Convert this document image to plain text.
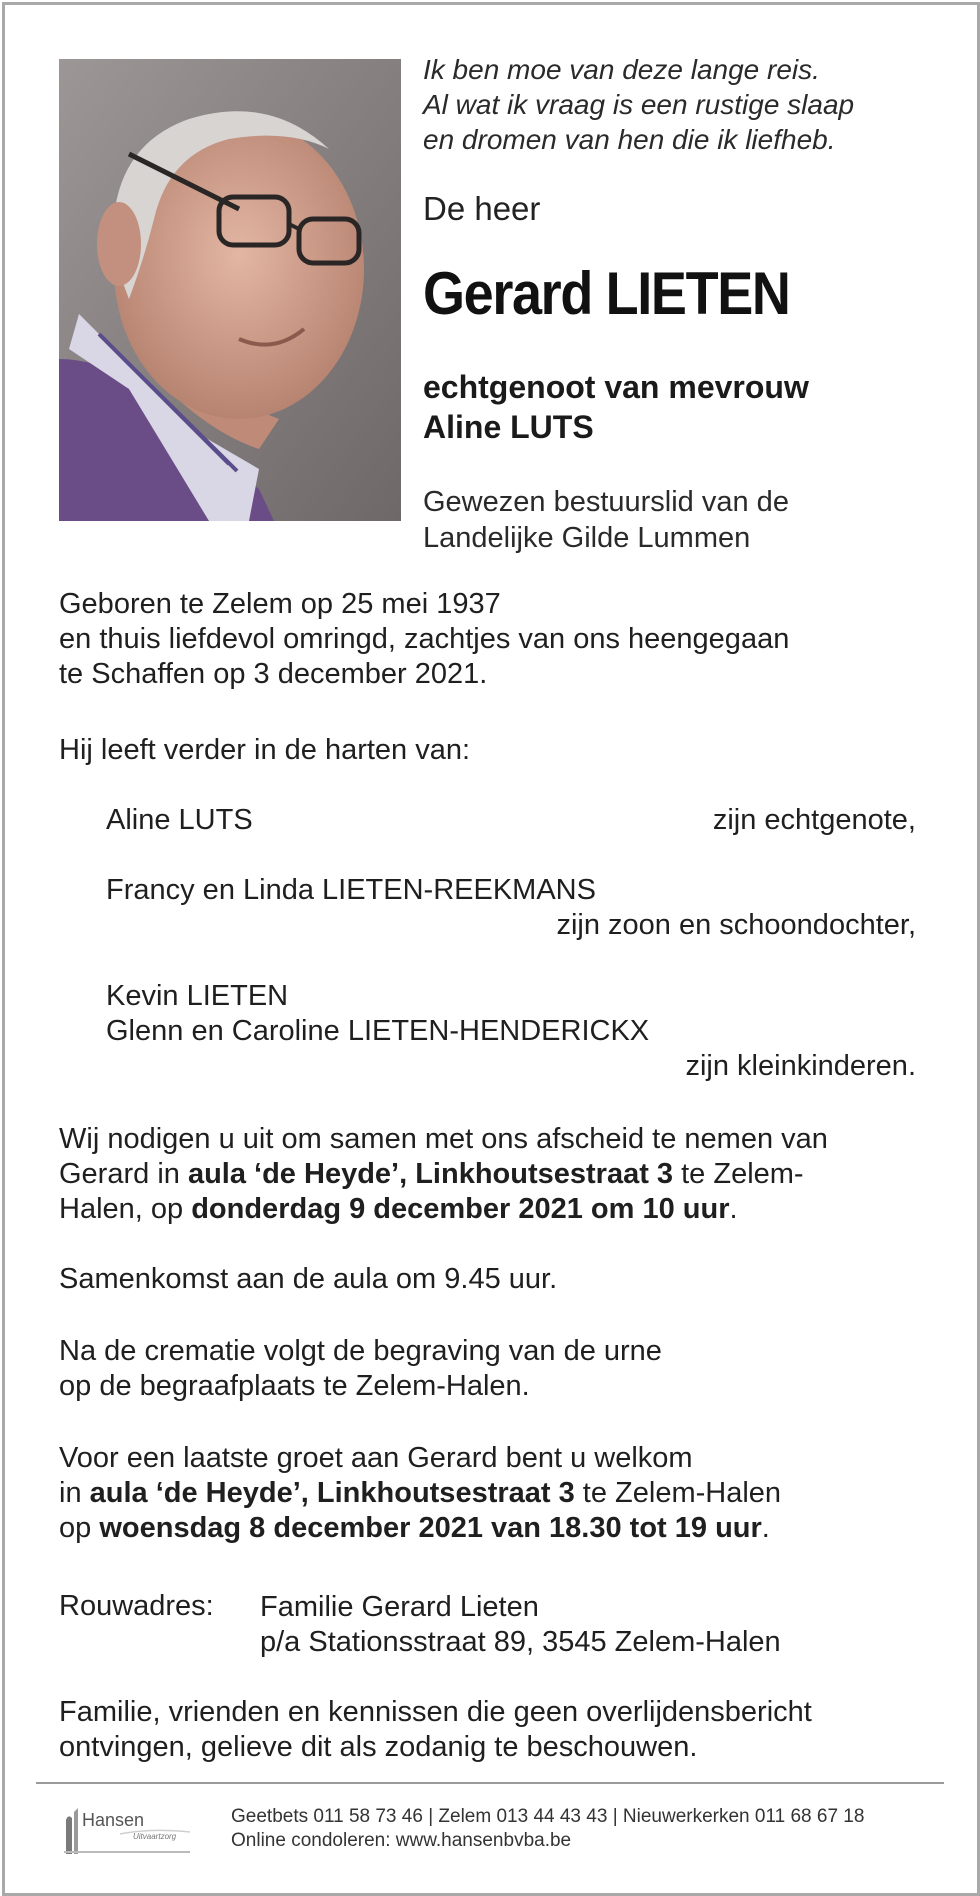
Ik ben moe van deze lange reis.
Al wat ik vraag is een rustige slaap
en dromen van hen die ik liefheb.
De heer
Gerard LIETEN
echtgenoot van mevrouw
Aline LUTS
Gewezen bestuurslid van de
Landelijke Gilde Lummen
Geboren te Zelem op 25 mei 1937
en thuis liefdevol omringd, zachtjes van ons heengegaan
te Schaffen op 3 december 2021.
Hij leeft verder in de harten van:
Aline LUTS	zijn echtgenote,
Francy en Linda LIETEN-REEKMANS
zijn zoon en schoondochter,
Kevin LIETEN
Glenn en Caroline LIETEN-HENDERICKX
zijn kleinkinderen.
Wij nodigen u uit om samen met ons afscheid te nemen van
Gerard in aula ‘de Heyde’, Linkhoutsestraat 3 te Zelem-
Halen, op donderdag 9 december 2021 om 10 uur.
Samenkomst aan de aula om 9.45 uur.
Na de crematie volgt de begraving van de urne
op de begraafplaats te Zelem-Halen.
Voor een laatste groet aan Gerard bent u welkom
in aula ‘de Heyde’, Linkhoutsestraat 3 te Zelem-Halen
op woensdag 8 december 2021 van 18.30 tot 19 uur.
Rouwadres: Familie Gerard Lieten
p/a Stationsstraat 89, 3545 Zelem-Halen
Familie, vrienden en kennissen die geen overlijdensbericht
ontvingen, gelieve dit als zodanig te beschouwen.
Hansen
Uitvaartzorg
Geetbets 011 58 73 46 | Zelem 013 44 43 43 | Nieuwerkerken 011 68 67 18
Online condoleren: www.hansenbvba.be
